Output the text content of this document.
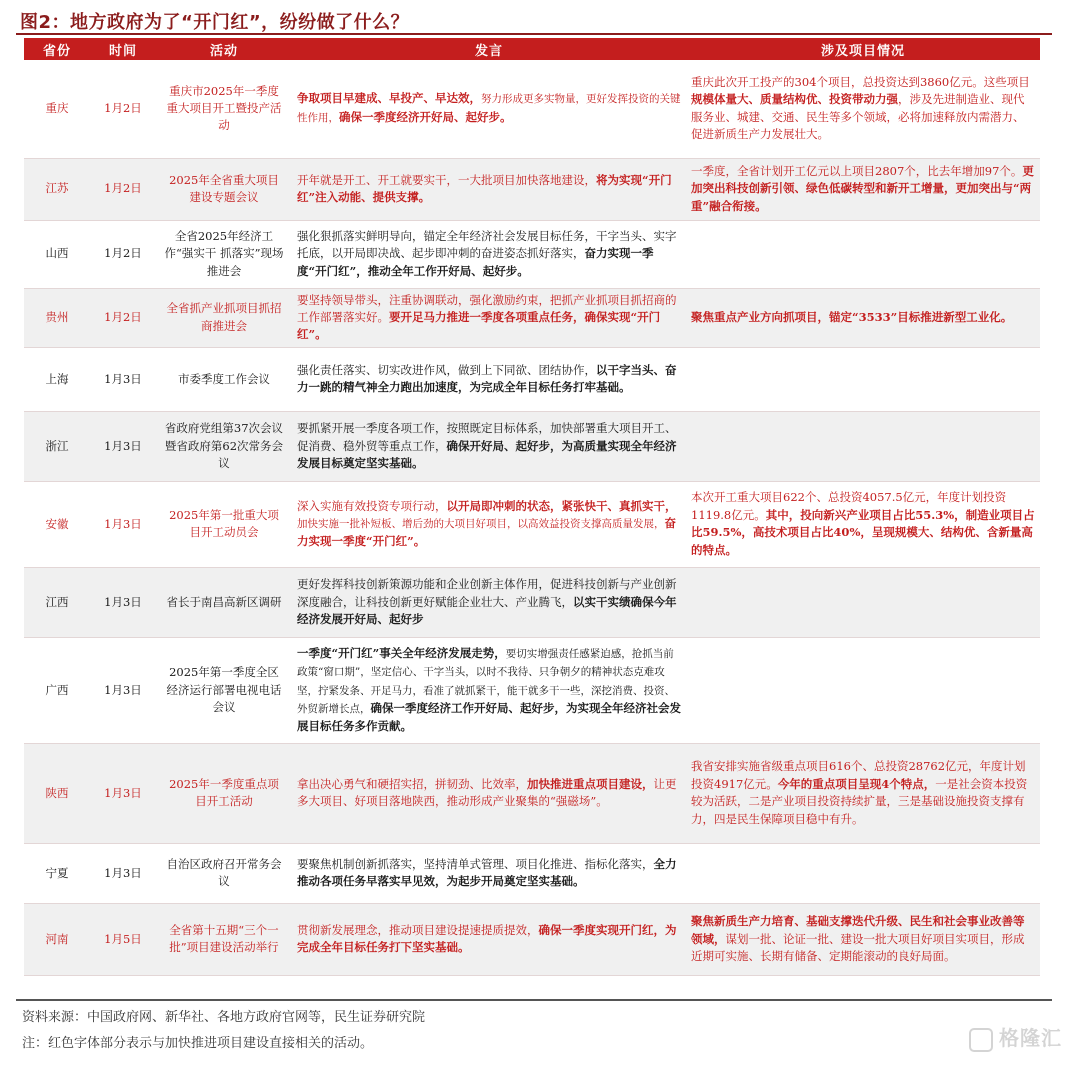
图2：地方政府为了“开门红”，纷纷做了什么？
省份	时间	活动	发言	涉及项目情况
重庆	1月2日	重庆市2025年一季度重大项目开工暨投产活动	争取项目早建成、早投产、早达效，努力形成更多实物量，更好发挥投资的关键性作用，确保一季度经济开好局、起好步。	重庆此次开工投产的304个项目，总投资达到3860亿元。这些项目规模体量大、质量结构优、投资带动力强，涉及先进制造业、现代服务业、城建、交通、民生等多个领域，必将加速释放内需潜力、促进新质生产力发展壮大。
江苏	1月2日	2025年全省重大项目建设专题会议	开年就是开工、开工就要实干，一大批项目加快落地建设，将为实现“开门红”注入动能、提供支撑。	一季度，全省计划开工亿元以上项目2807个，比去年增加97个。更加突出科技创新引领、绿色低碳转型和新开工增量，更加突出与“两重”融合衔接。
山西	1月2日	全省2025年经济工作“强实干 抓落实”现场推进会	强化狠抓落实鲜明导向，锚定全年经济社会发展目标任务，干字当头、实字托底，以开局即决战、起步即冲刺的奋进姿态抓好落实，奋力实现一季度“开门红”，推动全年工作开好局、起好步。	
贵州	1月2日	全省抓产业抓项目抓招商推进会	要坚持领导带头，注重协调联动，强化激励约束，把抓产业抓项目抓招商的工作部署落实好。要开足马力推进一季度各项重点任务，确保实现“开门红”。	聚焦重点产业方向抓项目，锚定“3533”目标推进新型工业化。
上海	1月3日	市委季度工作会议	强化责任落实、切实改进作风，做到上下同欲、团结协作，以干字当头、奋力一跳的精气神全力跑出加速度，为完成全年目标任务打牢基础。	
浙江	1月3日	省政府党组第37次会议暨省政府第62次常务会议	要抓紧开展一季度各项工作，按照既定目标体系，加快部署重大项目开工、促消费、稳外贸等重点工作，确保开好局、起好步，为高质量实现全年经济发展目标奠定坚实基础。	
安徽	1月3日	2025年第一批重大项目开工动员会	深入实施有效投资专项行动，以开局即冲刺的状态，紧张快干、真抓实干，加快实施一批补短板、增后劲的大项目好项目，以高效益投资支撑高质量发展，奋力实现一季度“开门红”。	本次开工重大项目622个、总投资4057.5亿元，年度计划投资1119.8亿元。其中，投向新兴产业项目占比55.3%，制造业项目占比59.5%，高技术项目占比40%，呈现规模大、结构优、含新量高的特点。
江西	1月3日	省长于南昌高新区调研	更好发挥科技创新策源功能和企业创新主体作用，促进科技创新与产业创新深度融合，让科技创新更好赋能企业壮大、产业腾飞，以实干实绩确保今年经济发展开好局、起好步	
广西	1月3日	2025年第一季度全区经济运行部署电视电话会议	一季度“开门红”事关全年经济发展走势，要切实增强责任感紧迫感，抢抓当前政策“窗口期”，坚定信心、干字当头，以时不我待、只争朝夕的精神状态克难攻坚，拧紧发条、开足马力，看准了就抓紧干，能干就多干一些，深挖消费、投资、外贸新增长点，确保一季度经济工作开好局、起好步，为实现全年经济社会发展目标任务多作贡献。	
陕西	1月3日	2025年一季度重点项目开工活动	拿出决心勇气和硬招实招，拼韧劲、比效率，加快推进重点项目建设，让更多大项目、好项目落地陕西，推动形成产业聚集的“强磁场”。	我省安排实施省级重点项目616个、总投资28762亿元，年度计划投资4917亿元。今年的重点项目呈现4个特点，一是社会资本投资较为活跃，二是产业项目投资持续扩量，三是基础设施投资支撑有力，四是民生保障项目稳中有升。
宁夏	1月3日	自治区政府召开常务会议	要聚焦机制创新抓落实，坚持清单式管理、项目化推进、指标化落实，全力推动各项任务早落实早见效，为起步开局奠定坚实基础。	
河南	1月5日	全省第十五期“三个一批”项目建设活动举行	贯彻新发展理念，推动项目建设提速提质提效，确保一季度实现开门红，为完成全年目标任务打下坚实基础。	聚焦新质生产力培育、基础支撑迭代升级、民生和社会事业改善等领域，谋划一批、论证一批、建设一批大项目好项目实项目，形成近期可实施、长期有储备、定期能滚动的良好局面。
资料来源：中国政府网、新华社、各地方政府官网等，民生证券研究院
注：红色字体部分表示与加快推进项目建设直接相关的活动。	格隆汇
